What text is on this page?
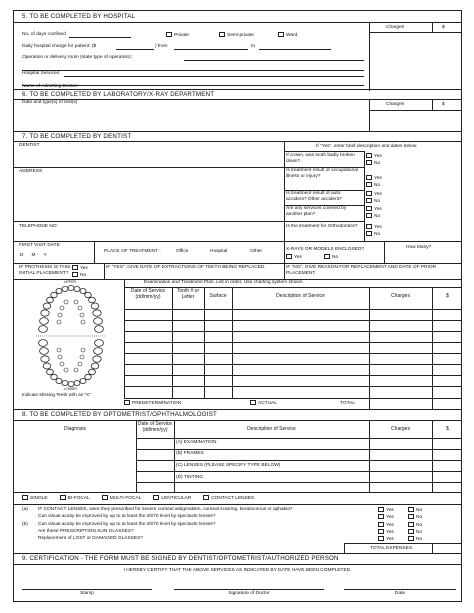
5. TO BE COMPLETED BY HOSPITAL
Charges	$
No. of days confined	Private	Semi-private	Ward
Daily hospital charge for patient: ($	) from	to
Operation or delivery room (state type of operation):
Hospital Services:
Name of Admitting Doctor:
6. TO BE COMPLETED BY LABORATORY/X-RAY DEPARTMENT
Date and type(s) of test(s)	Charges	$
7. TO BE COMPLETED BY DENTIST
DENTIST
ADDRESS
TELEPHONE NO:
If "Yes", enter brief description and dates below.
If crown, was tooth badly broken down?
Yes
No
Is treatment result of occupational illness or injury?	Yes
No
Is treatment result of auto accident? Other accident?
Yes
No
Are any services covered by another plan?
Yes
No
Is the treatment for Orthodontics?	Yes
No
FIRST VISIT DATE
DMY
PLACE OF TREATMENT -	Office	Hospital	Other	X-RAYS OR MODELS ENCLOSED?
Yes	No
How Many?
IF PROTHESIS IS THIS INITIAL PLACEMENT?
Yes
No
IF "YES", GIVE DATE OF EXTRACTIONS OF TEETH BEING REPLACED.	IF "NO", GIVE REASON FOR REPLACEMENT AND DATE OF PRIOR PLACEMENT.
UPPER
LOWER
Indicate Missing Teeth with an "X"
Examination and Treatment Plan. List in order. Use charting system shown.
Date of Service (dd/mm/yy)
Tooth # or Letter	Surface	Description of Service	Charges	$
PREDETERMINATION	ACTUAL	TOTAL
8. TO BE COMPLETED BY OPTOMETRIST/OPHTHALMOLOGIST
Diagnosis
Date of Service (dd/mm/yy)	Description of Service	Charges	$
(A) EXAMINATION
(B) FRAMES
(C) LENSES (PLEASE SPECIFY TYPE BELOW)
(D) TINTING
SINGLE	BI-FOCAL	MULTI-FOCAL	LENTICULAR	CONTACT LENSES
(a) IF CONTACT LENSES, were they prescribed for severe corneal astigmatism, corneal scarring, keratoconus or aphakia?
Can visual acuity be improved by up to at least the 20/70 level by spectacle lenses?
(b) Can visual acuity be improved by up to at least the 20/70 level by spectacle lenses?
Are these PRESCRIPTION SUN GLASSES?
Replacement of LOST or DAMAGED GLASSES?
Yes	No
Yes	No
Yes	No
Yes	No
Yes	No
TOTAL EXPENSES
9. CERTIFICATION - THE FORM MUST BE SIGNED BY DENTIST/OPTOMETRIST/AUTHORIZED PERSON
I HEREBY CERTIFY THAT THE ABOVE SERVICES AS INDICATED BY DATE HAVE BEEN COMPLETED.
Stamp	Signature of Doctor	Date
